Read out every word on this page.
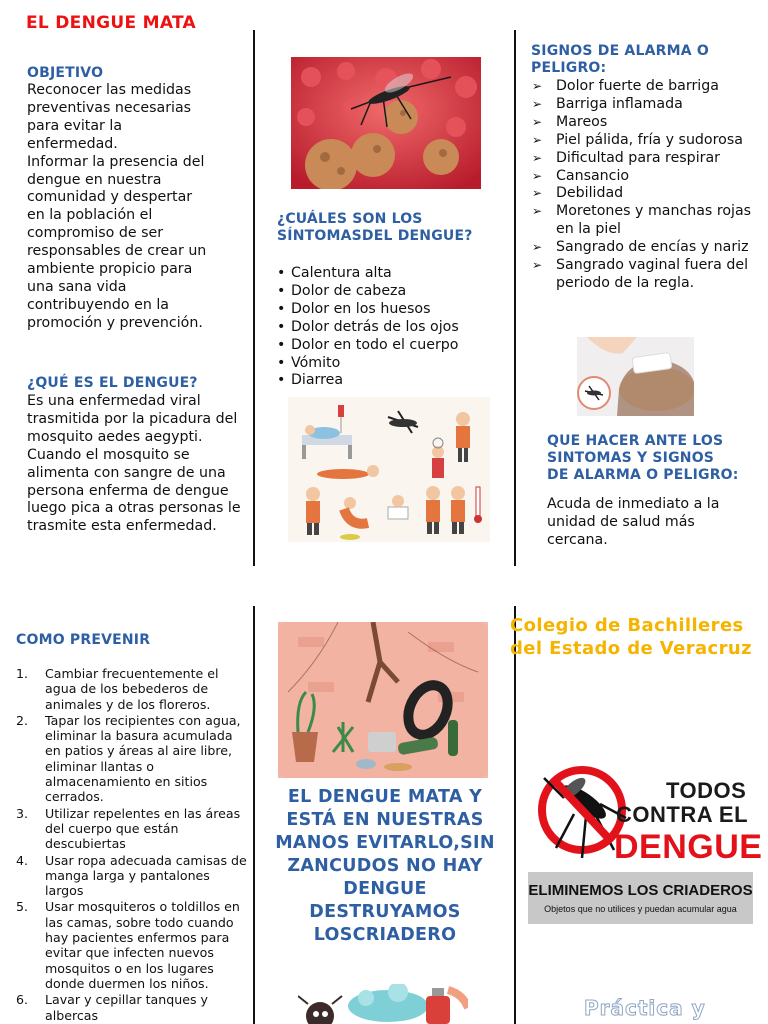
EL DENGUE MATA
OBJETIVO
Reconocer las medidas
preventivas necesarias
para evitar la
enfermedad.
Informar la presencia del
dengue en nuestra
comunidad y despertar
en la población el
compromiso de ser
responsables de crear un
ambiente propicio para
una sana vida
contribuyendo en la
promoción y prevención.
¿QUÉ ES EL DENGUE?
Es una enfermedad viral
trasmitida por la picadura del
mosquito aedes aegypti.
Cuando el mosquito se
alimenta con sangre de una
persona enferma de dengue
luego pica a otras personas le
trasmite esta enfermedad.
¿CUÁLES SON LOS
SÍNTOMASDEL DENGUE?
• Calentura alta
• Dolor de cabeza
• Dolor en los huesos
• Dolor detrás de los ojos
• Dolor en todo el cuerpo
• Vómito
• Diarrea
SIGNOS DE ALARMA O
PELIGRO:
➢ Dolor fuerte de barriga
➢ Barriga inflamada
➢ Mareos
➢ Piel pálida, fría y sudorosa
➢ Dificultad para respirar
➢ Cansancio
➢ Debilidad
➢ Moretones y manchas rojas en la piel
➢ Sangrado de encías y nariz
➢ Sangrado vaginal fuera del periodo de la regla.
QUE HACER ANTE LOS
SINTOMAS Y SIGNOS
DE ALARMA O PELIGRO:
Acuda de inmediato a la
unidad de salud más
cercana.
COMO PREVENIR
1. Cambiar frecuentemente el agua de los bebederos de animales y de los floreros.
2. Tapar los recipientes con agua, eliminar la basura acumulada en patios y áreas al aire libre, eliminar llantas o almacenamiento en sitios cerrados.
3. Utilizar repelentes en las áreas del cuerpo que están descubiertas
4. Usar ropa adecuada camisas de manga larga y pantalones largos
5. Usar mosquiteros o toldillos en las camas, sobre todo cuando hay pacientes enfermos para evitar que infecten nuevos mosquitos o en los lugares donde duermen los niños.
6. Lavar y cepillar tanques y albercas
EL DENGUE MATA Y
ESTÁ EN NUESTRAS
MANOS EVITARLO,SIN
ZANCUDOS NO HAY
DENGUE
DESTRUYAMOS
LOSCRIADERO
Colegio de Bachilleres
del Estado de Veracruz
TODOS
CONTRA EL
DENGUE
ELIMINEMOS LOS CRIADEROS
Objetos que no utilices y puedan acumular agua
Práctica y
